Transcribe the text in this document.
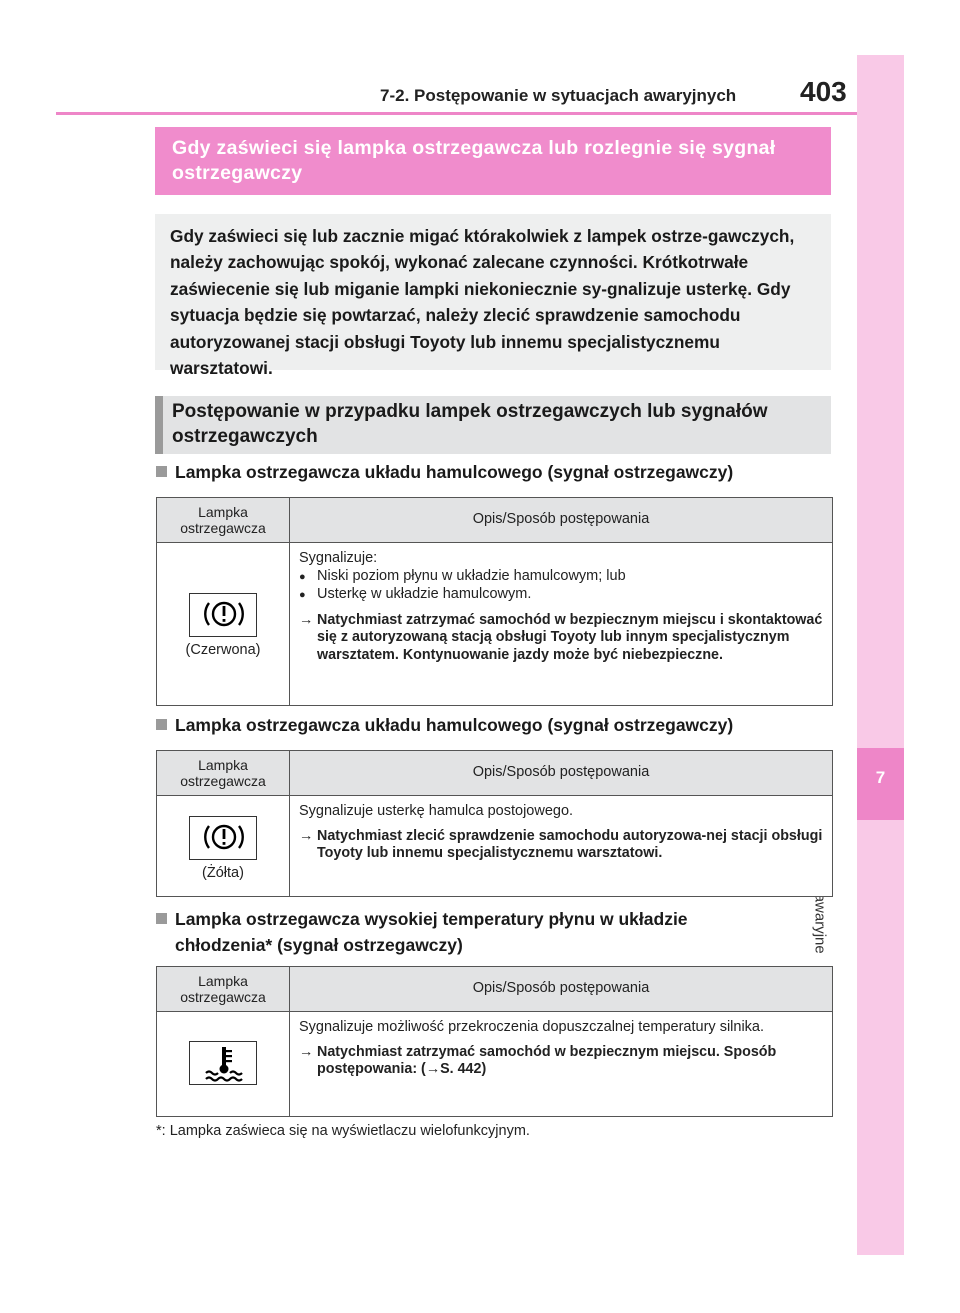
7
7-2. Postępowanie w sytuacjach awaryjnych 403

Gdy zaświeci się lampka ostrzegawcza lub rozlegnie się sygnał ostrzegawczy

Gdy zaświeci się lub zacznie migać którakolwiek z lampek ostrze-gawczych, należy zachowując spokój, wykonać zalecane czynności. Krótkotrwałe zaświecenie się lub miganie lampki niekoniecznie sy-gnalizuje usterkę. Gdy sytuacja będzie się powtarzać, należy zlecić sprawdzenie samochodu autoryzowanej stacji obsługi Toyoty lub innemu specjalistycznemu warsztatowi.

Postępowanie w przypadku lampek ostrzegawczych lub sygnałów ostrzegawczych

Lampka ostrzegawcza układu hamulcowego (sygnał ostrzegawczy)
Lampka ostrzegawcza
Opis/Sposób postępowania
(Czerwona)
Sygnalizuje:
● Niski poziom płynu w układzie hamulcowym; lub
● Usterkę w układzie hamulcowym.
→ Natychmiast zatrzymać samochód w bezpiecznym miejscu i skontaktować się z autoryzowaną stacją obsługi Toyoty lub innym specjalistycznym warsztatem. Kontynuowanie jazdy może być niebezpieczne.
Lampka ostrzegawcza układu hamulcowego (sygnał ostrzegawczy)
Lampka ostrzegawcza
Opis/Sposób postępowania
(Żółta)
Sygnalizuje usterkę hamulca postojowego.
→ Natychmiast zlecić sprawdzenie samochodu autoryzowa-nej stacji obsługi Toyoty lub innemu specjalistycznemu warsztatowi.
Lampka ostrzegawcza wysokiej temperatury płynu w układzie
chłodzenia* (sygnał ostrzegawczy)
Lampka ostrzegawcza
Opis/Sposób postępowania
Sygnalizuje możliwość przekroczenia dopuszczalnej temperatury silnika.
→ Natychmiast zatrzymać samochód w bezpiecznym miejscu. Sposób postępowania: (→S. 442)
*: Lampka zaświeca się na wyświetlaczu wielofunkcyjnym.
